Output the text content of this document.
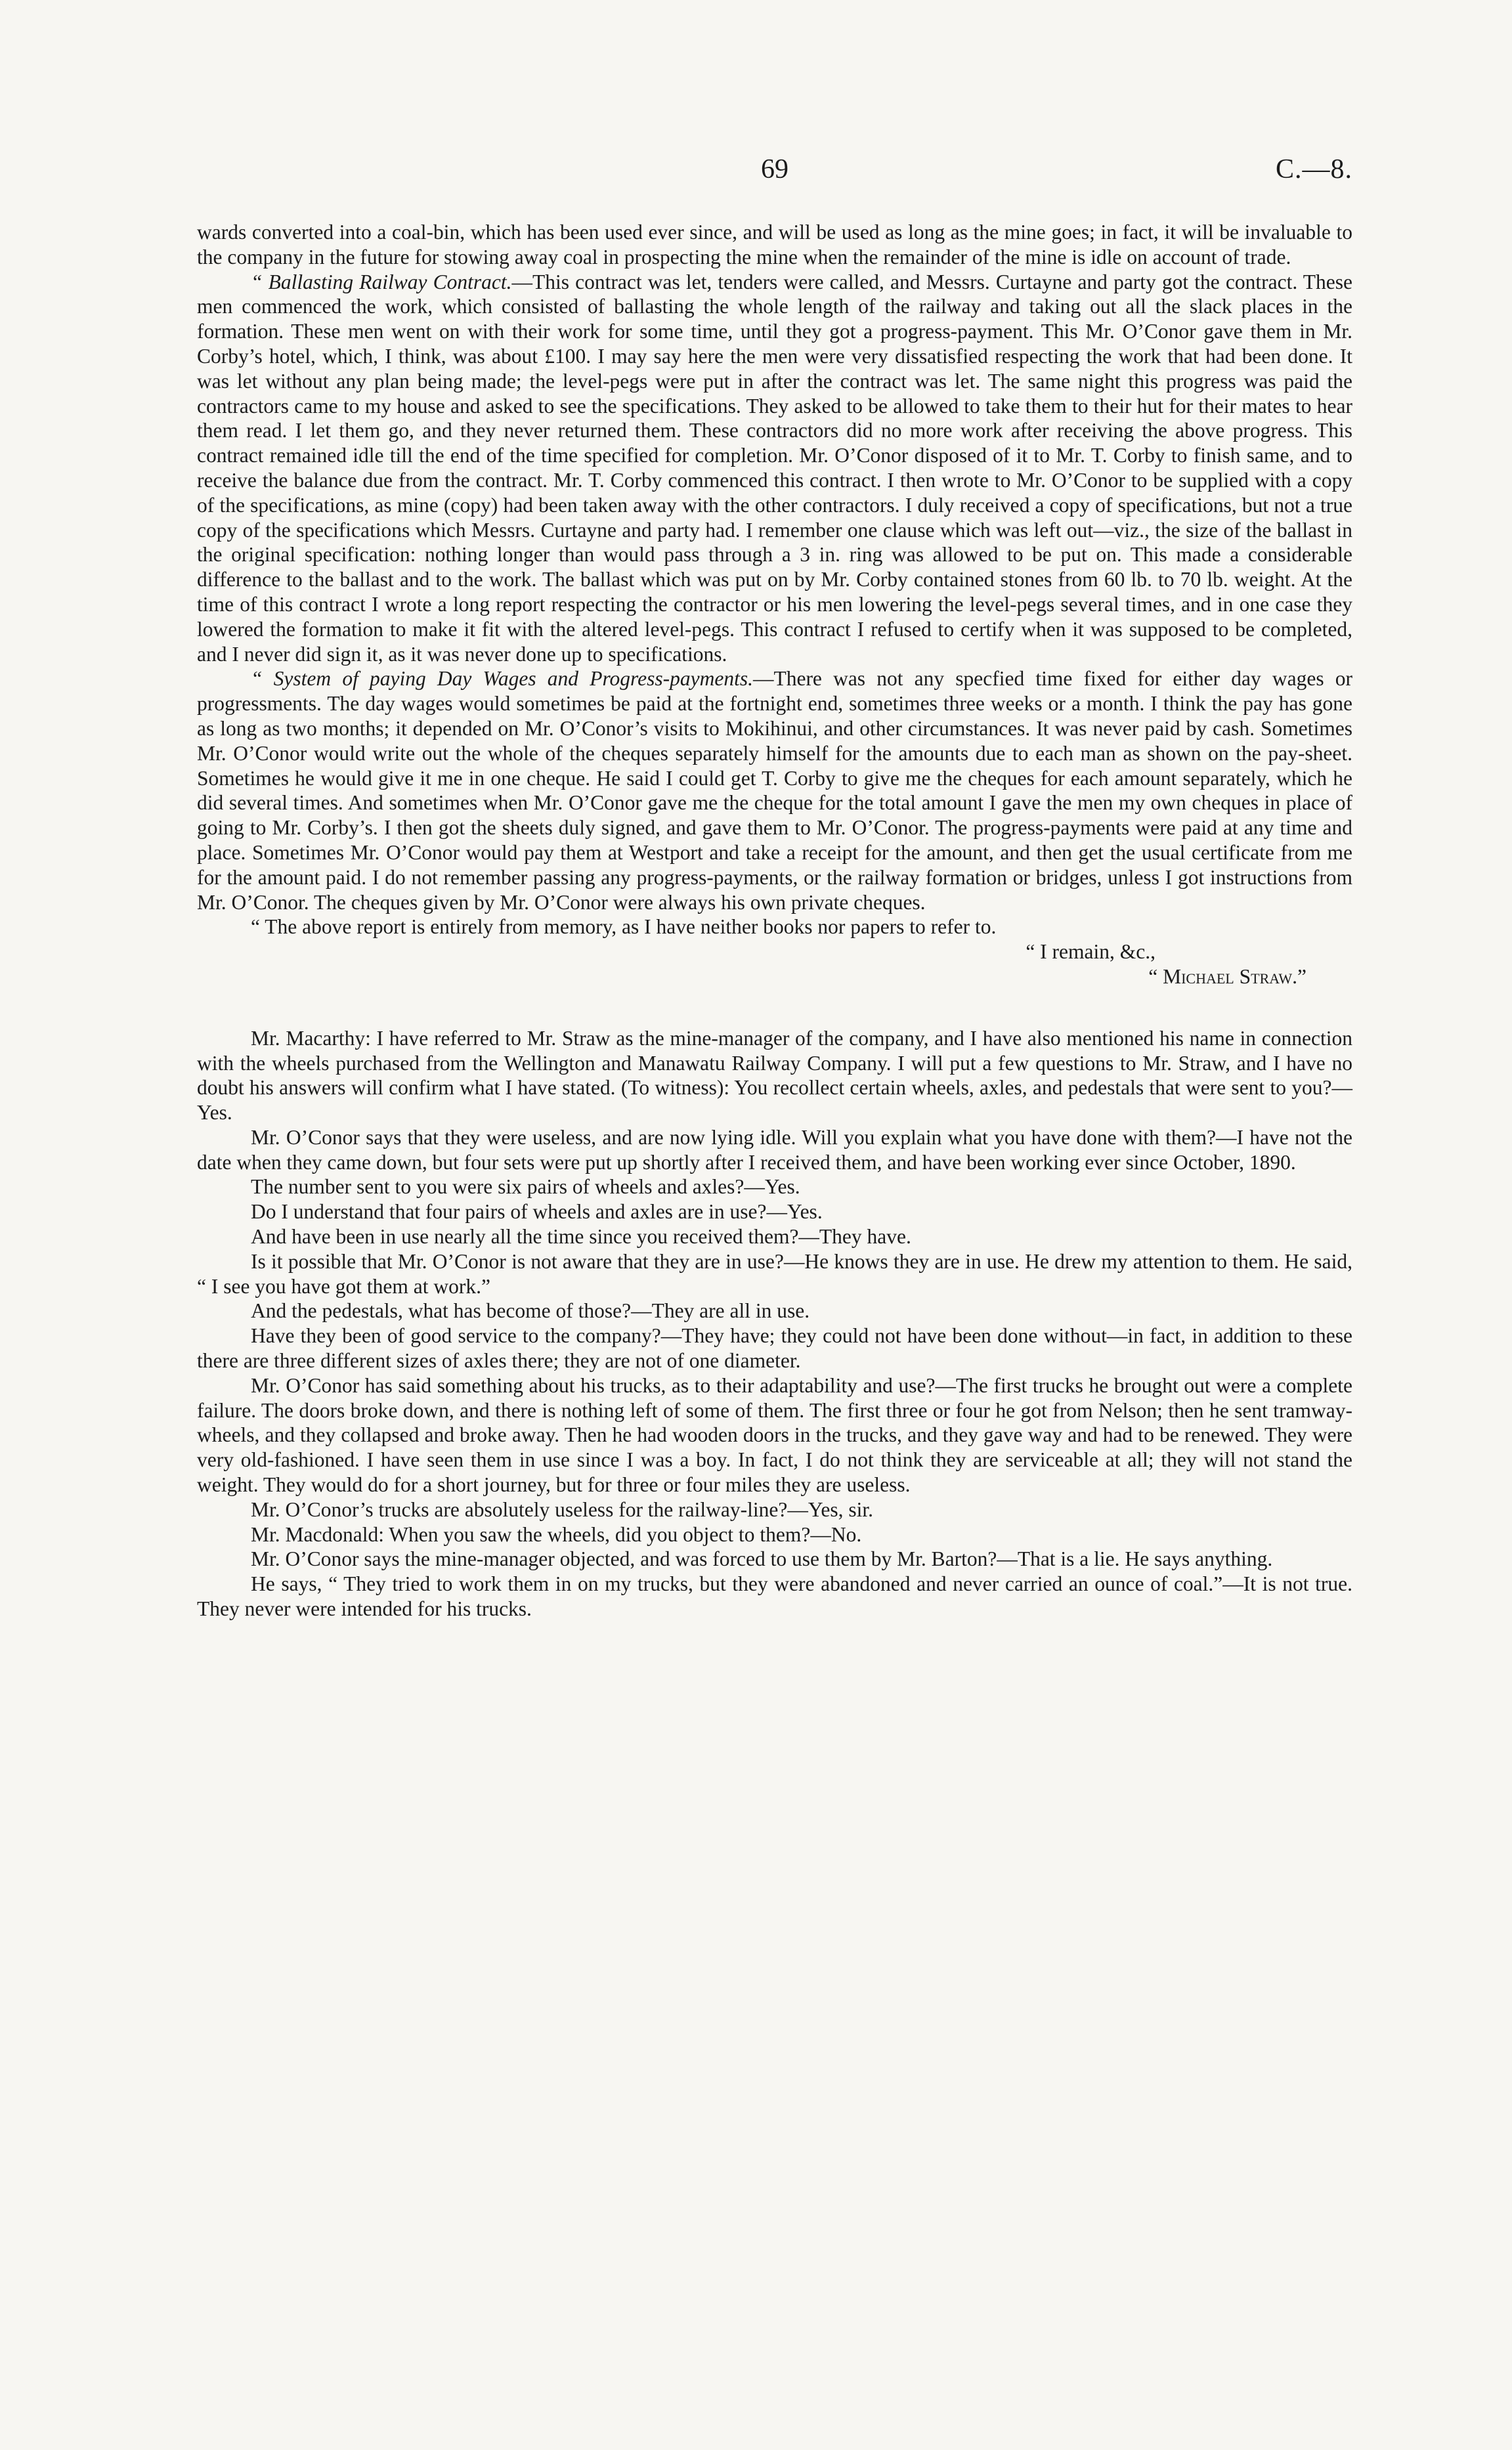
69	C.—8.

wards converted into a coal-bin, which has been used ever since, and will be used as long as the mine goes; in fact, it will be invaluable to the company in the future for stowing away coal in prospecting the mine when the remainder of the mine is idle on account of trade.

“ Ballasting Railway Contract.—This contract was let, tenders were called, and Messrs. Curtayne and party got the contract. These men commenced the work, which consisted of ballasting the whole length of the railway and taking out all the slack places in the formation. These men went on with their work for some time, until they got a progress-payment. This Mr. O’Conor gave them in Mr. Corby’s hotel, which, I think, was about £100. I may say here the men were very dissatisfied respecting the work that had been done. It was let without any plan being made; the level-pegs were put in after the contract was let. The same night this progress was paid the contractors came to my house and asked to see the specifications. They asked to be allowed to take them to their hut for their mates to hear them read. I let them go, and they never returned them. These contractors did no more work after receiving the above progress. This contract remained idle till the end of the time specified for completion. Mr. O’Conor disposed of it to Mr. T. Corby to finish same, and to receive the balance due from the contract. Mr. T. Corby commenced this contract. I then wrote to Mr. O’Conor to be supplied with a copy of the specifications, as mine (copy) had been taken away with the other contractors. I duly received a copy of specifications, but not a true copy of the specifications which Messrs. Curtayne and party had. I remember one clause which was left out—viz., the size of the ballast in the original specification: nothing longer than would pass through a 3 in. ring was allowed to be put on. This made a considerable difference to the ballast and to the work. The ballast which was put on by Mr. Corby contained stones from 60 lb. to 70 lb. weight. At the time of this contract I wrote a long report respecting the contractor or his men lowering the level-pegs several times, and in one case they lowered the formation to make it fit with the altered level-pegs. This contract I refused to certify when it was supposed to be completed, and I never did sign it, as it was never done up to specifications.

“ System of paying Day Wages and Progress-payments.—There was not any specfied time fixed for either day wages or progressments. The day wages would sometimes be paid at the fortnight end, sometimes three weeks or a month. I think the pay has gone as long as two months; it depended on Mr. O’Conor’s visits to Mokihinui, and other circumstances. It was never paid by cash. Sometimes Mr. O’Conor would write out the whole of the cheques separately himself for the amounts due to each man as shown on the pay-sheet. Sometimes he would give it me in one cheque. He said I could get T. Corby to give me the cheques for each amount separately, which he did several times. And sometimes when Mr. O’Conor gave me the cheque for the total amount I gave the men my own cheques in place of going to Mr. Corby’s. I then got the sheets duly signed, and gave them to Mr. O’Conor. The progress-payments were paid at any time and place. Sometimes Mr. O’Conor would pay them at Westport and take a receipt for the amount, and then get the usual certificate from me for the amount paid. I do not remember passing any progress-payments, or the railway formation or bridges, unless I got instructions from Mr. O’Conor. The cheques given by Mr. O’Conor were always his own private cheques.

“ The above report is entirely from memory, as I have neither books nor papers to refer to.

“ I remain, &c.,

“ Michael Straw.”

Mr. Macarthy: I have referred to Mr. Straw as the mine-manager of the company, and I have also mentioned his name in connection with the wheels purchased from the Wellington and Manawatu Railway Company. I will put a few questions to Mr. Straw, and I have no doubt his answers will confirm what I have stated. (To witness): You recollect certain wheels, axles, and pedestals that were sent to you?—Yes.

Mr. O’Conor says that they were useless, and are now lying idle. Will you explain what you have done with them?—I have not the date when they came down, but four sets were put up shortly after I received them, and have been working ever since October, 1890.

The number sent to you were six pairs of wheels and axles?—Yes.

Do I understand that four pairs of wheels and axles are in use?—Yes.

And have been in use nearly all the time since you received them?—They have.

Is it possible that Mr. O’Conor is not aware that they are in use?—He knows they are in use. He drew my attention to them. He said, “ I see you have got them at work.”

And the pedestals, what has become of those?—They are all in use.

Have they been of good service to the company?—They have; they could not have been done without—in fact, in addition to these there are three different sizes of axles there; they are not of one diameter.

Mr. O’Conor has said something about his trucks, as to their adaptability and use?—The first trucks he brought out were a complete failure. The doors broke down, and there is nothing left of some of them. The first three or four he got from Nelson; then he sent tramway-wheels, and they collapsed and broke away. Then he had wooden doors in the trucks, and they gave way and had to be renewed. They were very old-fashioned. I have seen them in use since I was a boy. In fact, I do not think they are serviceable at all; they will not stand the weight. They would do for a short journey, but for three or four miles they are useless.

Mr. O’Conor’s trucks are absolutely useless for the railway-line?—Yes, sir.

Mr. Macdonald: When you saw the wheels, did you object to them?—No.

Mr. O’Conor says the mine-manager objected, and was forced to use them by Mr. Barton?—That is a lie. He says anything.

He says, “ They tried to work them in on my trucks, but they were abandoned and never carried an ounce of coal.”—It is not true. They never were intended for his trucks.
